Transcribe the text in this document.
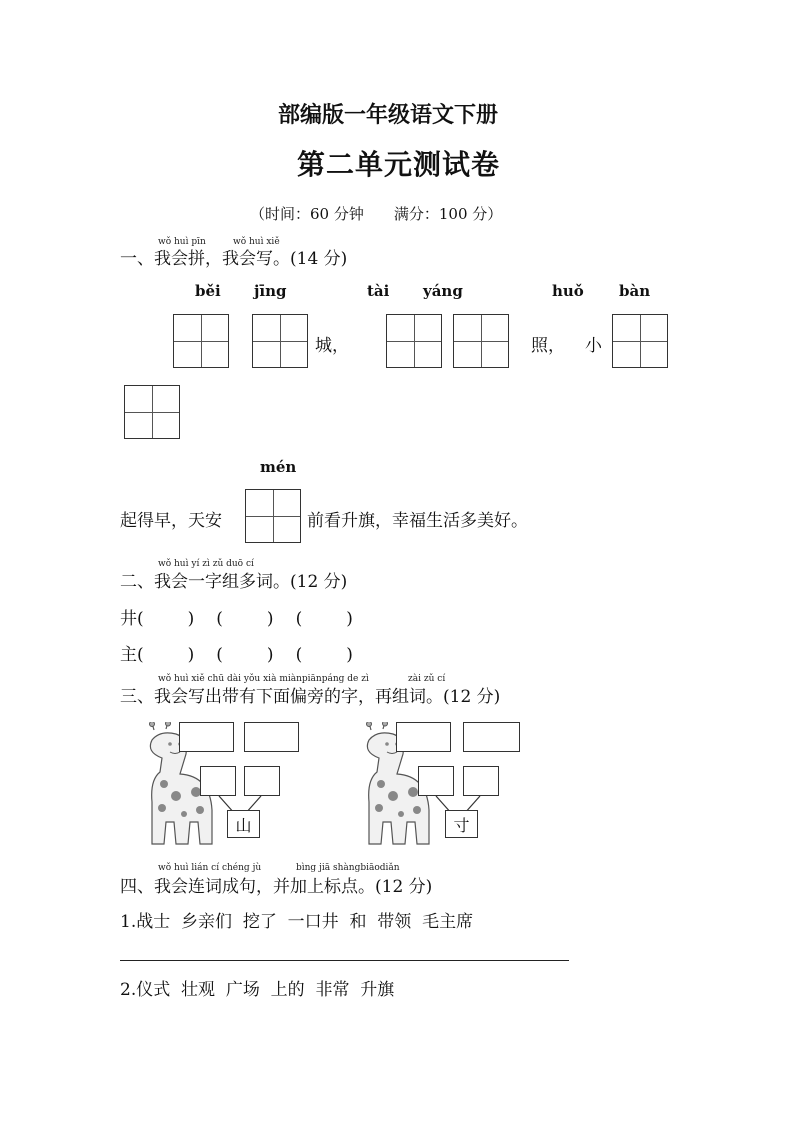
部编版一年级语文下册
第二单元测试卷
（时间：60 分钟　　满分：100 分）
wǒ huì pīn	wǒ huì xiě
一、我会拼，我会写。(14 分)
běi jīng	tài yáng	huǒ bàn
城，	照， 小
mén
起得早，天安	前看升旗，幸福生活多美好。
wǒ huì yí zì zǔ duō cí
二、我会一字组多词。(12 分)
井(	) (	) (	)
主(	) (	) (	)
wǒ huì xiě chū dài yǒu xià miànpiānpáng de zì	zài zǔ cí
三、我会写出带有下面偏旁的字，再组词。(12 分)
山	寸
wǒ huì lián cí chéng jù	bìng jiā shàngbiāodiǎn
四、我会连词成句，并加上标点。(12 分)
1.战士  乡亲们  挖了  一口井  和  带领  毛主席
2.仪式  壮观  广场  上的  非常  升旗
